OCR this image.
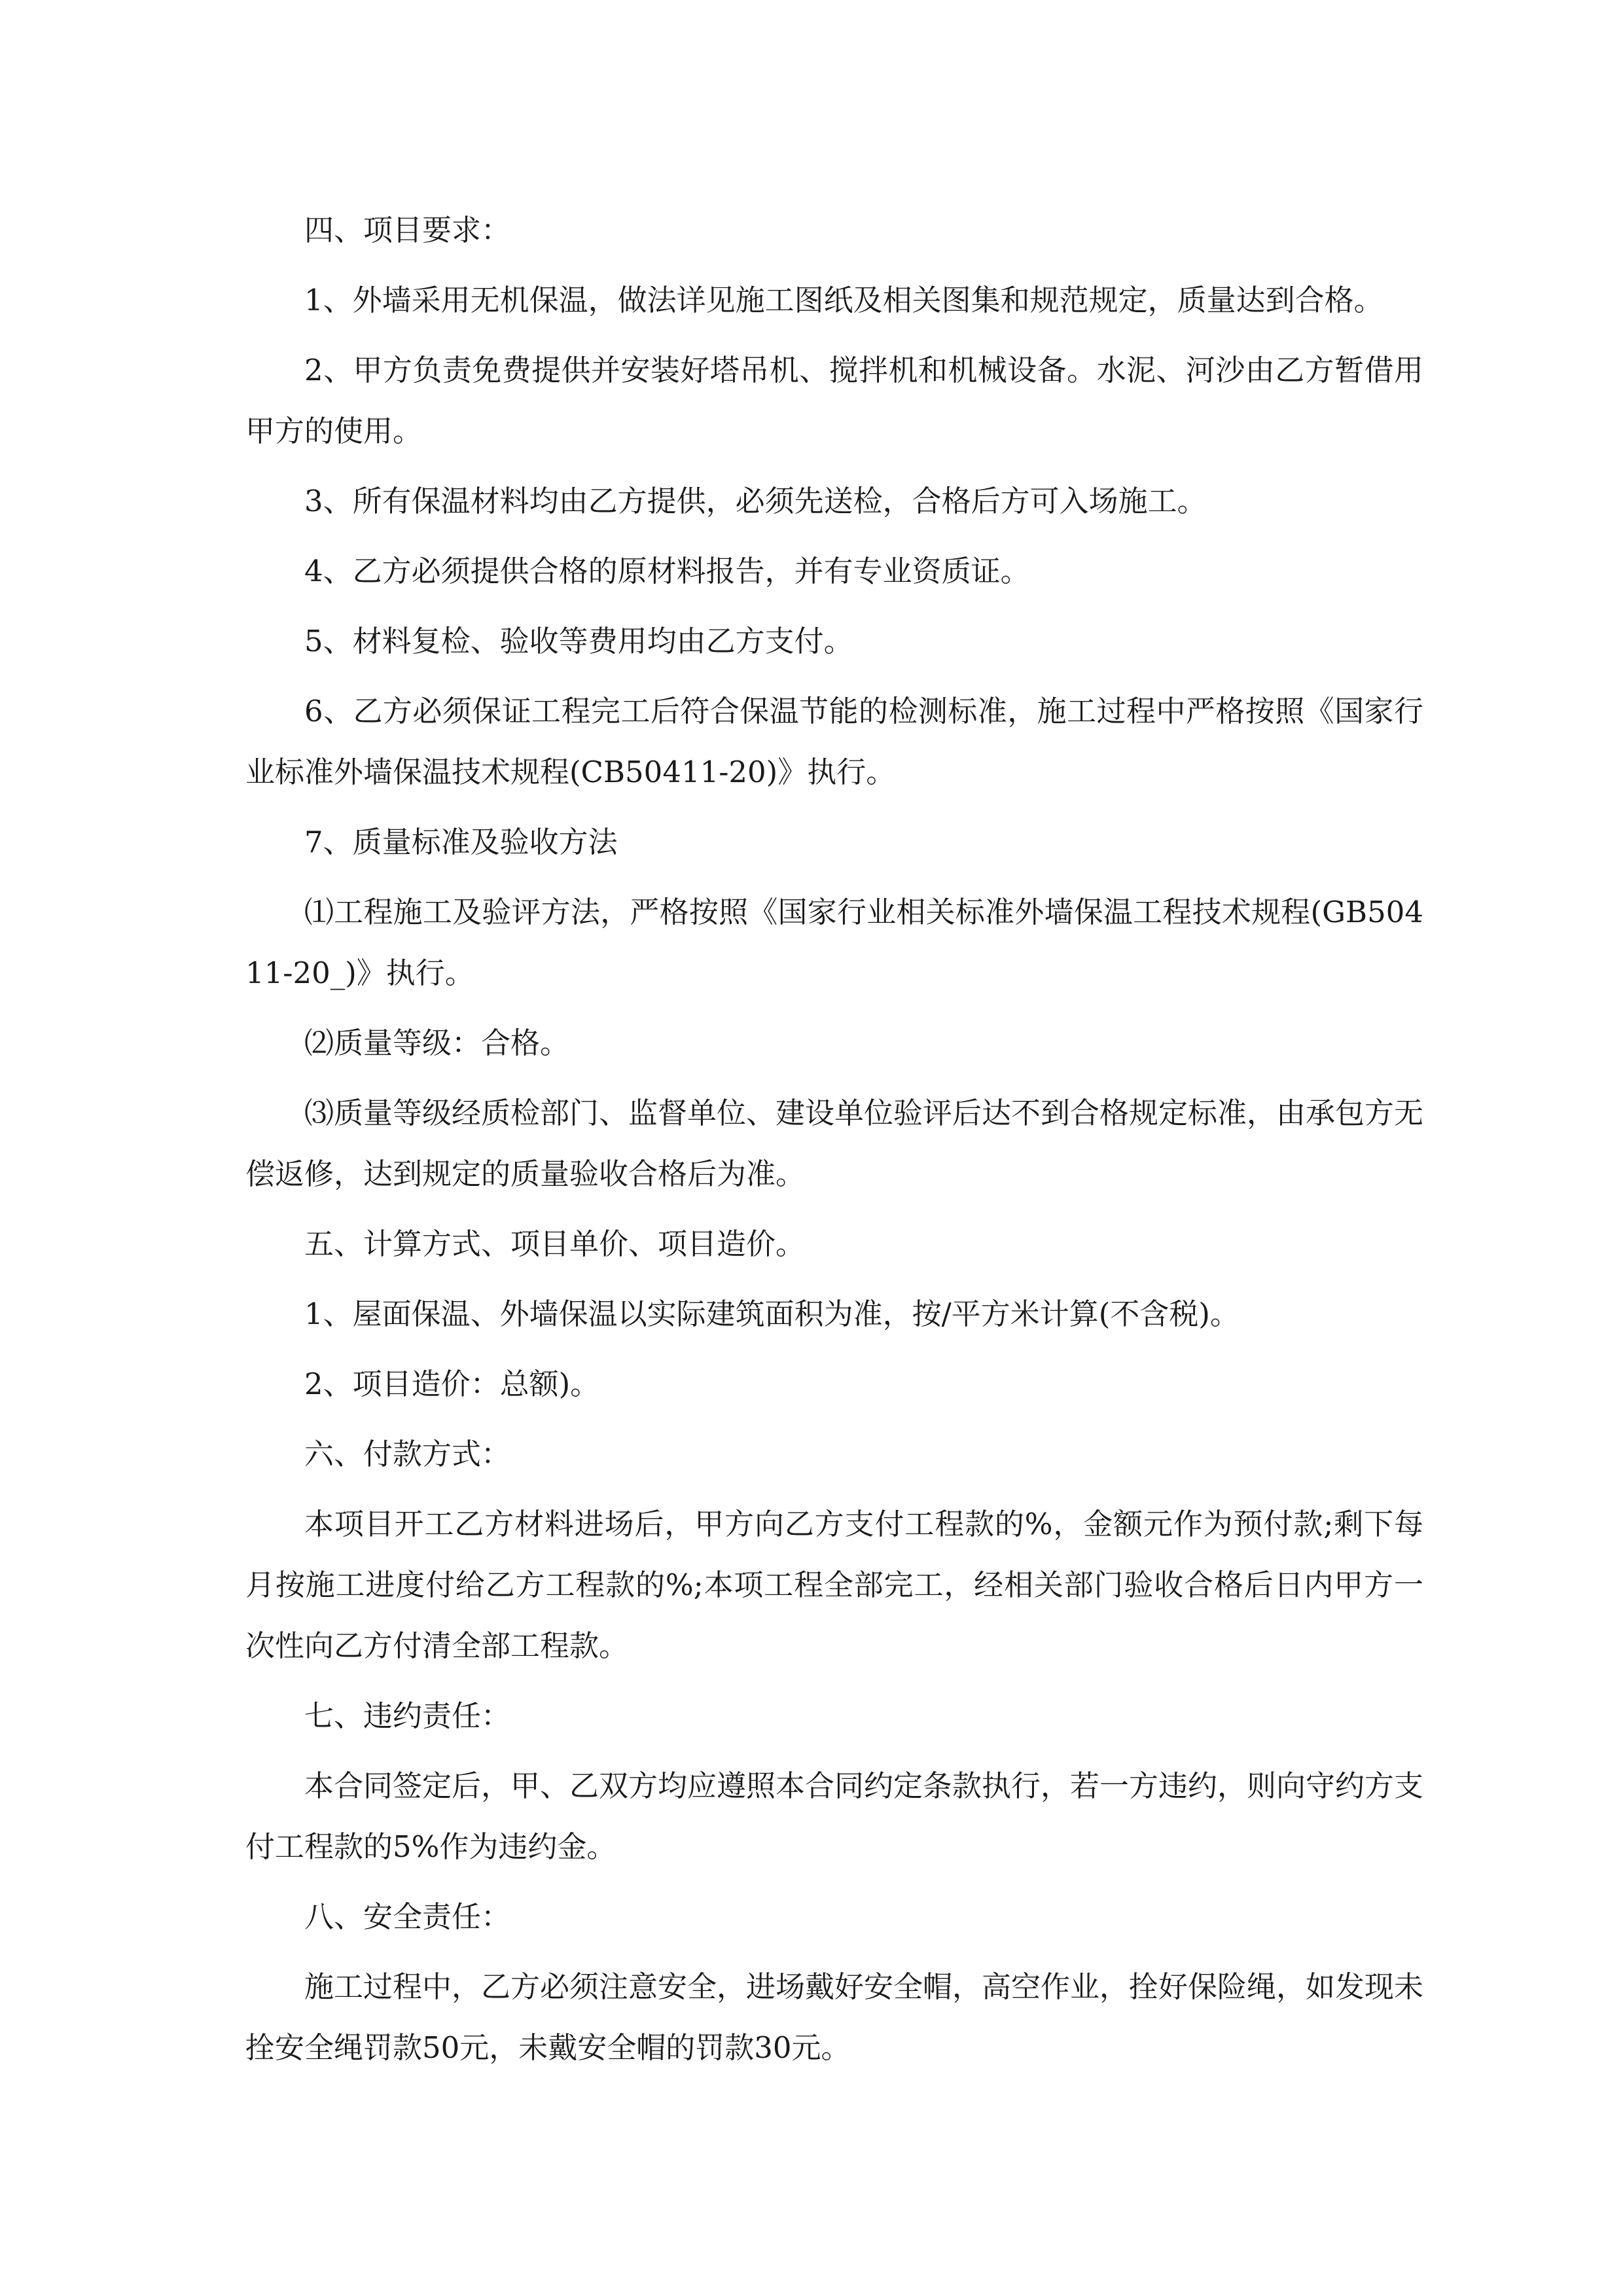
四、项目要求：

1、外墙采用无机保温，做法详见施工图纸及相关图集和规范规定，质量达到合格。

2、甲方负责免费提供并安装好塔吊机、搅拌机和机械设备。水泥、河沙由乙方暂借用甲方的使用。

3、所有保温材料均由乙方提供，必须先送检，合格后方可入场施工。

4、乙方必须提供合格的原材料报告，并有专业资质证。

5、材料复检、验收等费用均由乙方支付。

6、乙方必须保证工程完工后符合保温节能的检测标准，施工过程中严格按照《国家行业标准外墙保温技术规程(CB50411-20)》执行。

7、质量标准及验收方法

⑴工程施工及验评方法，严格按照《国家行业相关标准外墙保温工程技术规程(GB50411-20_)》执行。

⑵质量等级：合格。

⑶质量等级经质检部门、监督单位、建设单位验评后达不到合格规定标准，由承包方无偿返修，达到规定的质量验收合格后为准。

五、计算方式、项目单价、项目造价。

1、屋面保温、外墙保温以实际建筑面积为准，按/平方米计算(不含税)。

2、项目造价：总额)。

六、付款方式：

本项目开工乙方材料进场后，甲方向乙方支付工程款的%，金额元作为预付款;剩下每月按施工进度付给乙方工程款的%;本项工程全部完工，经相关部门验收合格后日内甲方一次性向乙方付清全部工程款。

七、违约责任：

本合同签定后，甲、乙双方均应遵照本合同约定条款执行，若一方违约，则向守约方支付工程款的5%作为违约金。

八、安全责任：

施工过程中，乙方必须注意安全，进场戴好安全帽，高空作业，拴好保险绳，如发现未拴安全绳罚款50元，未戴安全帽的罚款30元。
